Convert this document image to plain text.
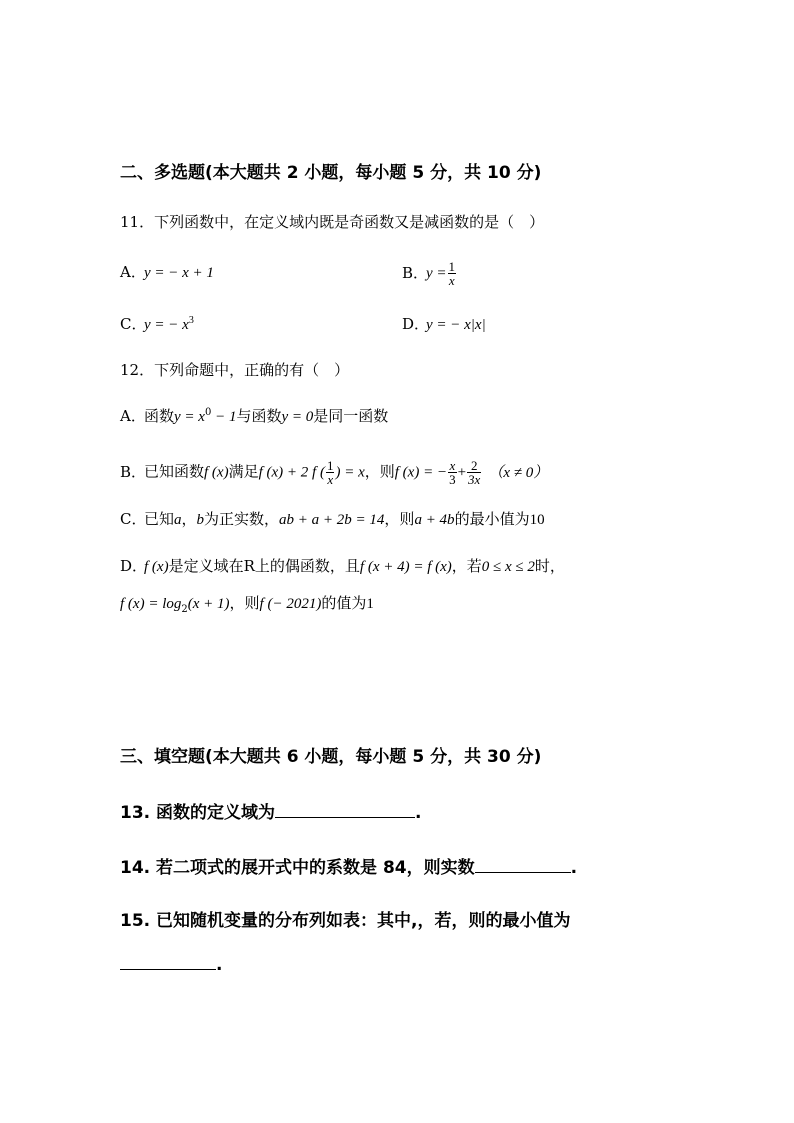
二、多选题(本大题共 2 小题，每小题 5 分，共 10 分)
11．下列函数中，在定义域内既是奇函数又是减函数的是（　）
A．y = − x + 1	B．$y = \frac{1}{x}$
C．y = − $x^3$	D．y = − x|x|
12．下列命题中，正确的有（　）
A．函数$y = x^0 - 1$与函数y = 0是同一函数
B．已知函数f (x)满足f (x) + 2 f ( $\frac{1}{x}$ ) = x，则f (x) = − $\frac{x}{3} + \frac{2}{3x} (x \ne 0)$
C．已知a，b为正实数，ab + a + 2b = 14，则a + 4b的最小值为10
D．f (x)是定义域在R上的偶函数，且f (x + 4) = f (x)，若0 ≤ x ≤ 2时，
f $(x) = \log_2(x + 1)$，则f (− 2021)的值为1
三、填空题(本大题共 6 小题，每小题 5 分，共 30 分)
13. 函数的定义域为	.
14. 若二项式的展开式中的系数是 84，则实数	.
15. 已知随机变量的分布列如表：其中,，若，则的最小值为
.
